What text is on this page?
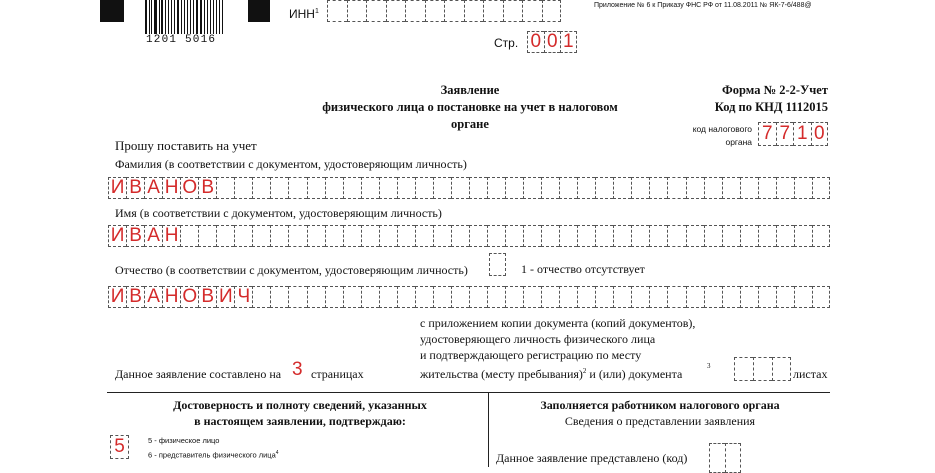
1201 5016
ИНН$^1$
Приложение № 6 к Приказу ФНС РФ от 11.08.2011 № ЯК-7-6/488@
Стр. 0 0 1
Заявление
физического лица о постановке на учет в налоговом
органе
Форма № 2-2-Учет
Код по КНД 1112015
код налогового
органа 7 7 1 0
Прошу поставить на учет
Фамилия (в соответствии с документом, удостоверяющим личность)
И В А Н О В
Имя (в соответствии с документом, удостоверяющим личность)
И В А Н
Отчество (в соответствии с документом, удостоверяющим личность)	1 - отчество отсутствует
И В А Н О В И Ч
с приложением копии документа (копий документов),
удостоверяющего личность физического лица
и подтверждающего регистрацию по месту
жительства (месту пребывания)$^2$ и (или) документа
3
листах
Данное заявление составлено на 3 страницах
Достоверность и полноту сведений, указанных
в настоящем заявлении, подтверждаю:
5	5 - физическое лицо
6 - представитель физического лица$^4$
Заполняется работником налогового органа
Сведения о представлении заявления
Данное заявление представлено (код)
